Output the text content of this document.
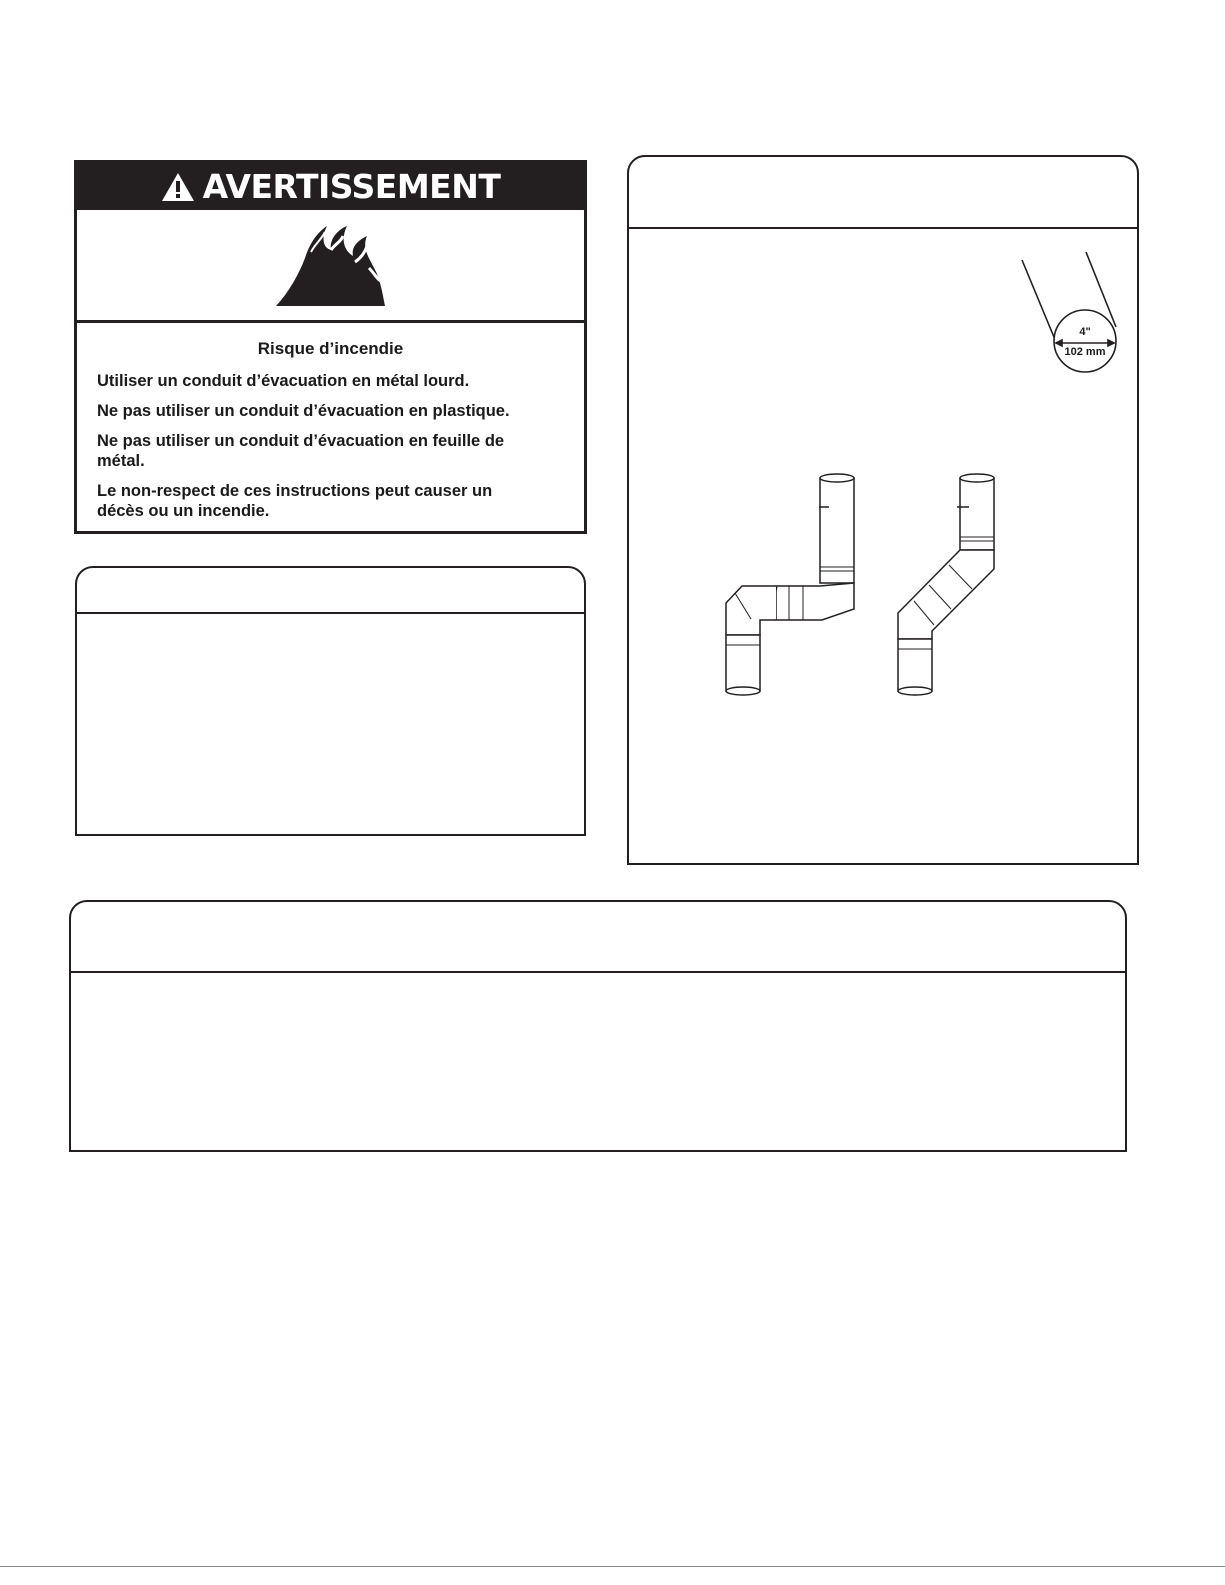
AVERTISSEMENT
Risque d’incendie
Utiliser un conduit d’évacuation en métal lourd.
Ne pas utiliser un conduit d’évacuation en plastique.
Ne pas utiliser un conduit d’évacuation en feuille de métal.
Le non-respect de ces instructions peut causer un décès ou un incendie.
4"
102 mm
